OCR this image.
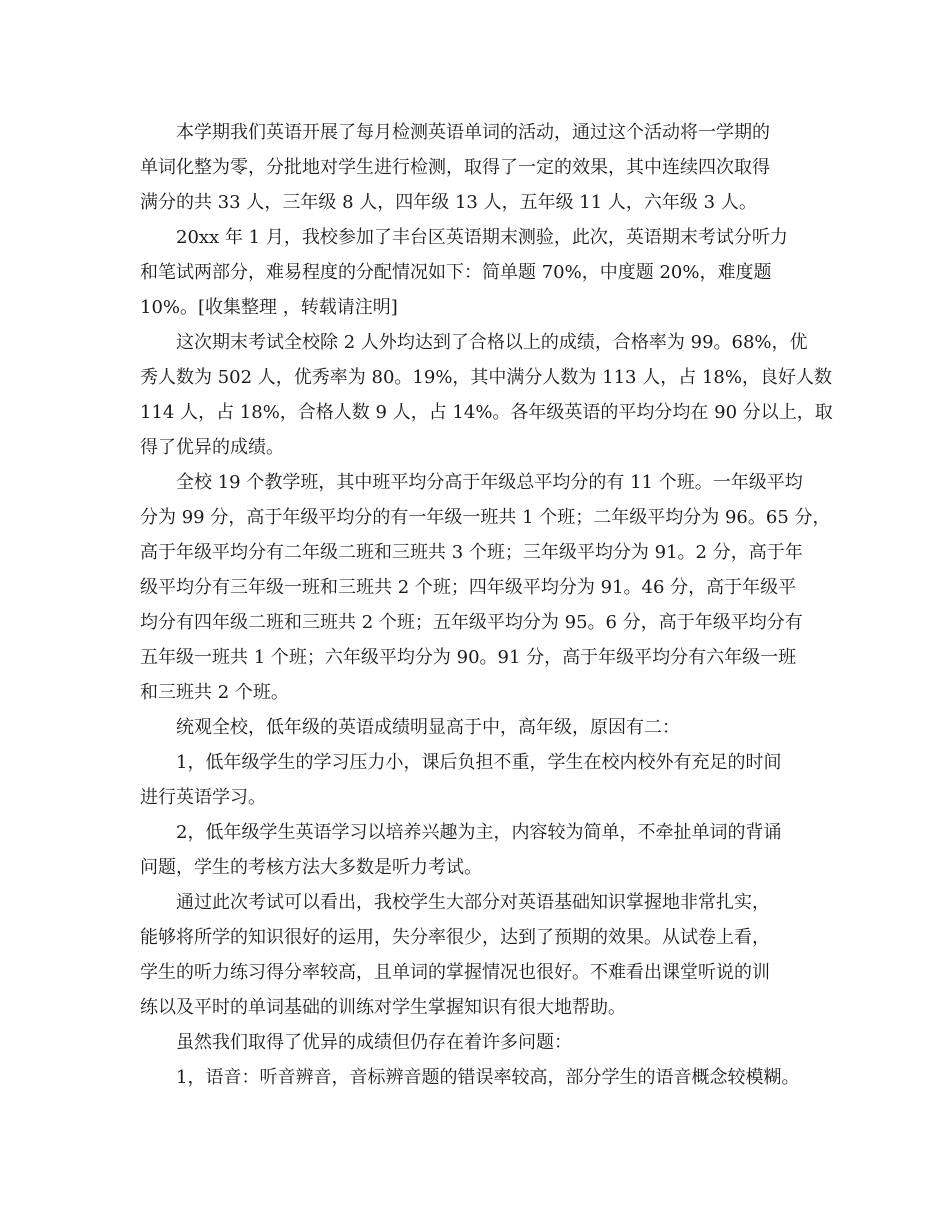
本学期我们英语开展了每月检测英语单词的活动，通过这个活动将一学期的
单词化整为零，分批地对学生进行检测，取得了一定的效果，其中连续四次取得
满分的共 33 人，三年级 8 人，四年级 13 人，五年级 11 人，六年级 3 人。
20xx 年 1 月，我校参加了丰台区英语期末测验，此次，英语期末考试分听力
和笔试两部分，难易程度的分配情况如下：简单题 70%，中度题 20%，难度题
10%。[收集整理 ，转载请注明]
这次期末考试全校除 2 人外均达到了合格以上的成绩，合格率为 99。68%，优
秀人数为 502 人，优秀率为 80。19%，其中满分人数为 113 人，占 18%，良好人数
114 人，占 18%，合格人数 9 人，占 14%。各年级英语的平均分均在 90 分以上，取
得了优异的成绩。
全校 19 个教学班，其中班平均分高于年级总平均分的有 11 个班。一年级平均
分为 99 分，高于年级平均分的有一年级一班共 1 个班；二年级平均分为 96。65 分，
高于年级平均分有二年级二班和三班共 3 个班；三年级平均分为 91。2 分，高于年
级平均分有三年级一班和三班共 2 个班；四年级平均分为 91。46 分，高于年级平
均分有四年级二班和三班共 2 个班；五年级平均分为 95。6 分，高于年级平均分有
五年级一班共 1 个班；六年级平均分为 90。91 分，高于年级平均分有六年级一班
和三班共 2 个班。
统观全校，低年级的英语成绩明显高于中，高年级，原因有二：
1，低年级学生的学习压力小，课后负担不重，学生在校内校外有充足的时间
进行英语学习。
2，低年级学生英语学习以培养兴趣为主，内容较为简单，不牵扯单词的背诵
问题，学生的考核方法大多数是听力考试。
通过此次考试可以看出，我校学生大部分对英语基础知识掌握地非常扎实，
能够将所学的知识很好的运用，失分率很少，达到了预期的效果。从试卷上看，
学生的听力练习得分率较高，且单词的掌握情况也很好。不难看出课堂听说的训
练以及平时的单词基础的训练对学生掌握知识有很大地帮助。
虽然我们取得了优异的成绩但仍存在着许多问题：
1，语音：听音辨音，音标辨音题的错误率较高，部分学生的语音概念较模糊。
